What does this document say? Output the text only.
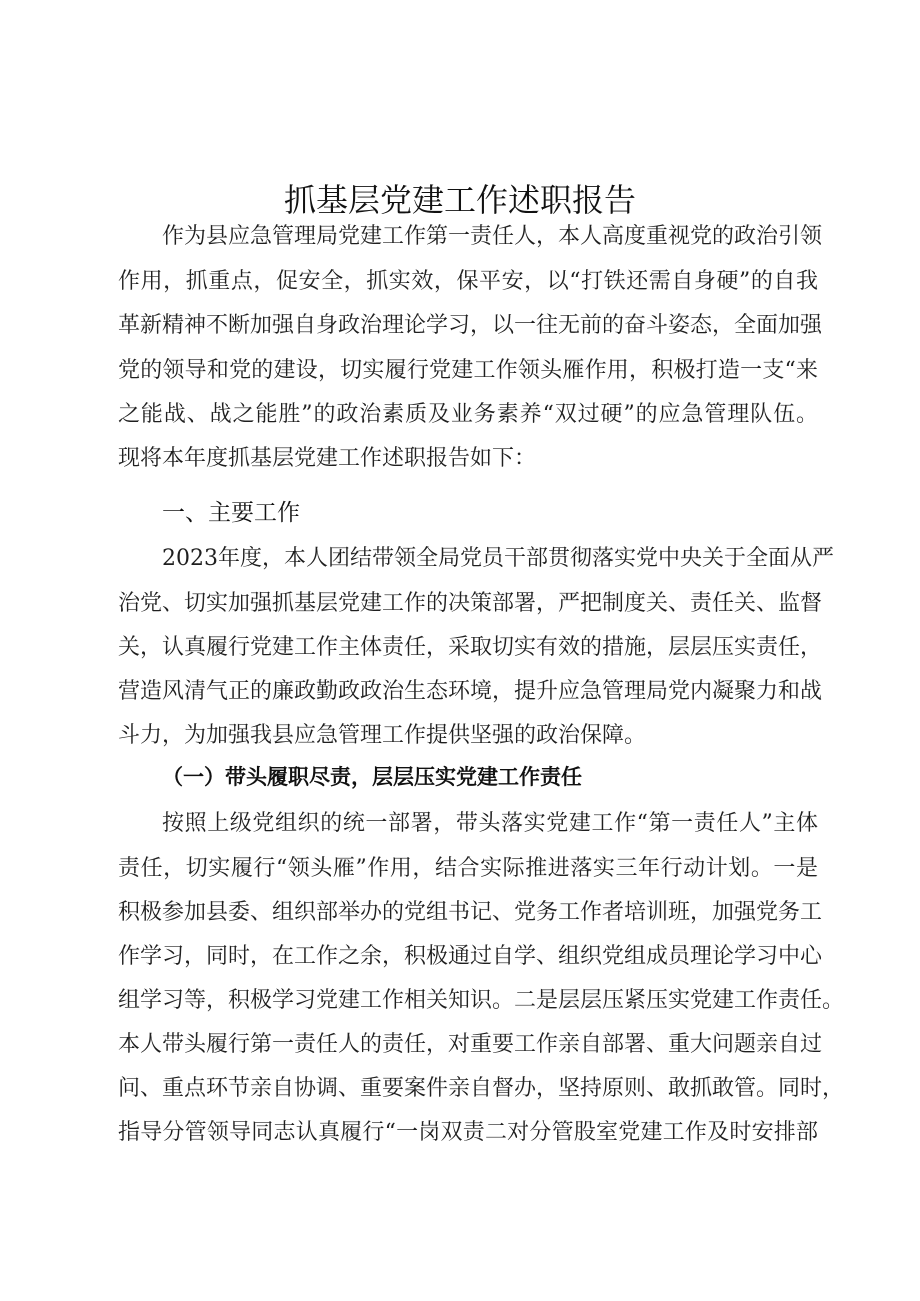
抓基层党建工作述职报告
作为县应急管理局党建工作第一责任人，本人高度重视党的政治引领
作用，抓重点，促安全，抓实效，保平安，以“打铁还需自身硬”的自我
革新精神不断加强自身政治理论学习，以一往无前的奋斗姿态，全面加强
党的领导和党的建设，切实履行党建工作领头雁作用，积极打造一支“来
之能战、战之能胜”的政治素质及业务素养“双过硬”的应急管理队伍。
现将本年度抓基层党建工作述职报告如下：
一、主要工作
2023年度，本人团结带领全局党员干部贯彻落实党中央关于全面从严
治党、切实加强抓基层党建工作的决策部署，严把制度关、责任关、监督
关，认真履行党建工作主体责任，采取切实有效的措施，层层压实责任，
营造风清气正的廉政勤政政治生态环境，提升应急管理局党内凝聚力和战
斗力，为加强我县应急管理工作提供坚强的政治保障。
（一）带头履职尽责，层层压实党建工作责任
按照上级党组织的统一部署，带头落实党建工作“第一责任人”主体
责任，切实履行“领头雁”作用，结合实际推进落实三年行动计划。一是
积极参加县委、组织部举办的党组书记、党务工作者培训班，加强党务工
作学习，同时，在工作之余，积极通过自学、组织党组成员理论学习中心
组学习等，积极学习党建工作相关知识。二是层层压紧压实党建工作责任。
本人带头履行第一责任人的责任，对重要工作亲自部署、重大问题亲自过
问、重点环节亲自协调、重要案件亲自督办，坚持原则、敢抓敢管。同时，
指导分管领导同志认真履行“一岗双责二对分管股室党建工作及时安排部
